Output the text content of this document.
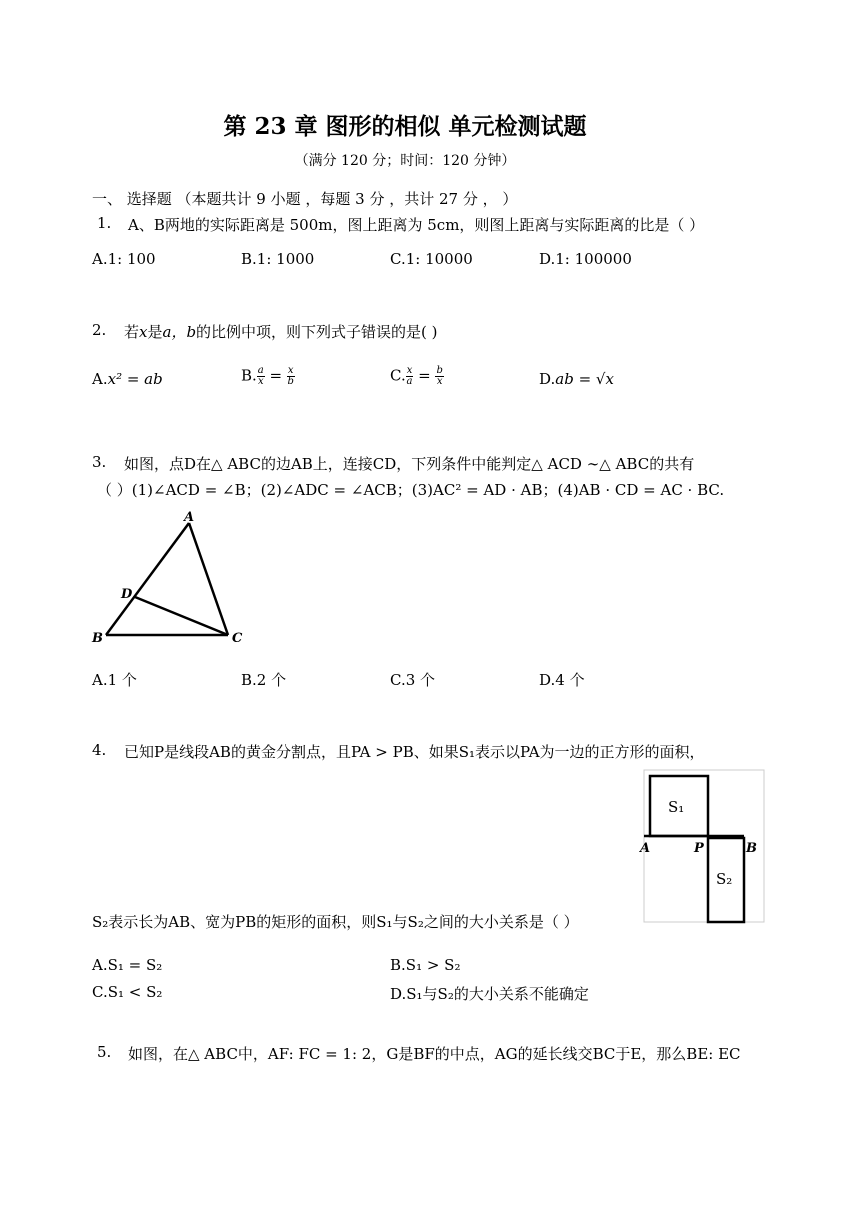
第 23 章 图形的相似 单元检测试题
（满分 120 分；时间：120 分钟）
一、 选择题 （本题共计 9 小题 ，每题 3 分 ，共计 27 分 ， ）
1. A、B两地的实际距离是 500m，图上距离为 5cm，则图上距离与实际距离的比是（ ）
A.1: 100	B.1: 1000	C.1: 10000	D.1: 100000
2. 若x是a，b的比例中项，则下列式子错误的是( )
A.x² = ab	B. $\frac{a}{x} = \frac{x}{b}$	C. $\frac{x}{a} = \frac{b}{x}$	D.ab = √x
3. 如图，点D在△ ABC的边AB上，连接CD，下列条件中能判定△ ACD ∼△ ABC的共有
（ ）(1)∠ACD = ∠B；(2)∠ADC = ∠ACB；(3)AC² = AD · AB；(4)AB · CD = AC · BC.
A
D
B	C
A.1 个	B.2 个	C.3 个	D.4 个
4. 已知P是线段AB的黄金分割点，且PA > PB、如果S₁表示以PA为一边的正方形的面积，
S₁
S₂
A	P	B
S₂表示长为AB、宽为PB的矩形的面积，则S₁与S₂之间的大小关系是（ ）
A.S₁ = S₂	B.S₁ > S₂
C.S₁ < S₂	D.S₁与S₂的大小关系不能确定
5. 如图，在△ ABC中，AF: FC = 1: 2，G是BF的中点，AG的延长线交BC于E，那么BE: EC
